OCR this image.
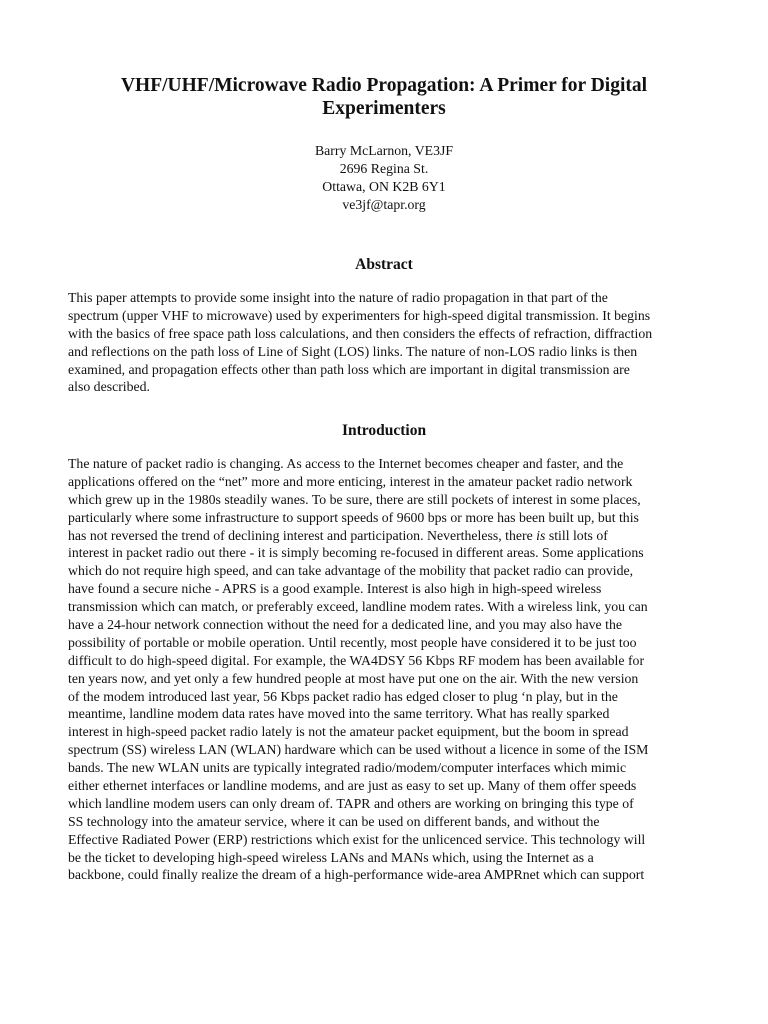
VHF/UHF/Microwave Radio Propagation: A Primer for Digital
Experimenters
Barry McLarnon, VE3JF
2696 Regina St.
Ottawa, ON K2B 6Y1
ve3jf@tapr.org
Abstract
This paper attempts to provide some insight into the nature of radio propagation in that part of the
spectrum (upper VHF to microwave) used by experimenters for high-speed digital transmission. It begins
with the basics of free space path loss calculations, and then considers the effects of refraction, diffraction
and reflections on the path loss of Line of Sight (LOS) links. The nature of non-LOS radio links is then
examined, and propagation effects other than path loss which are important in digital transmission are
also described.
Introduction
The nature of packet radio is changing. As access to the Internet becomes cheaper and faster, and the
applications offered on the “net” more and more enticing, interest in the amateur packet radio network
which grew up in the 1980s steadily wanes. To be sure, there are still pockets of interest in some places,
particularly where some infrastructure to support speeds of 9600 bps or more has been built up, but this
has not reversed the trend of declining interest and participation. Nevertheless, there is still lots of
interest in packet radio out there - it is simply becoming re-focused in different areas. Some applications
which do not require high speed, and can take advantage of the mobility that packet radio can provide,
have found a secure niche - APRS is a good example. Interest is also high in high-speed wireless
transmission which can match, or preferably exceed, landline modem rates. With a wireless link, you can
have a 24-hour network connection without the need for a dedicated line, and you may also have the
possibility of portable or mobile operation. Until recently, most people have considered it to be just too
difficult to do high-speed digital. For example, the WA4DSY 56 Kbps RF modem has been available for
ten years now, and yet only a few hundred people at most have put one on the air. With the new version
of the modem introduced last year, 56 Kbps packet radio has edged closer to plug ‘n play, but in the
meantime, landline modem data rates have moved into the same territory. What has really sparked
interest in high-speed packet radio lately is not the amateur packet equipment, but the boom in spread
spectrum (SS) wireless LAN (WLAN) hardware which can be used without a licence in some of the ISM
bands. The new WLAN units are typically integrated radio/modem/computer interfaces which mimic
either ethernet interfaces or landline modems, and are just as easy to set up. Many of them offer speeds
which landline modem users can only dream of. TAPR and others are working on bringing this type of
SS technology into the amateur service, where it can be used on different bands, and without the
Effective Radiated Power (ERP) restrictions which exist for the unlicenced service. This technology will
be the ticket to developing high-speed wireless LANs and MANs which, using the Internet as a
backbone, could finally realize the dream of a high-performance wide-area AMPRnet which can support
